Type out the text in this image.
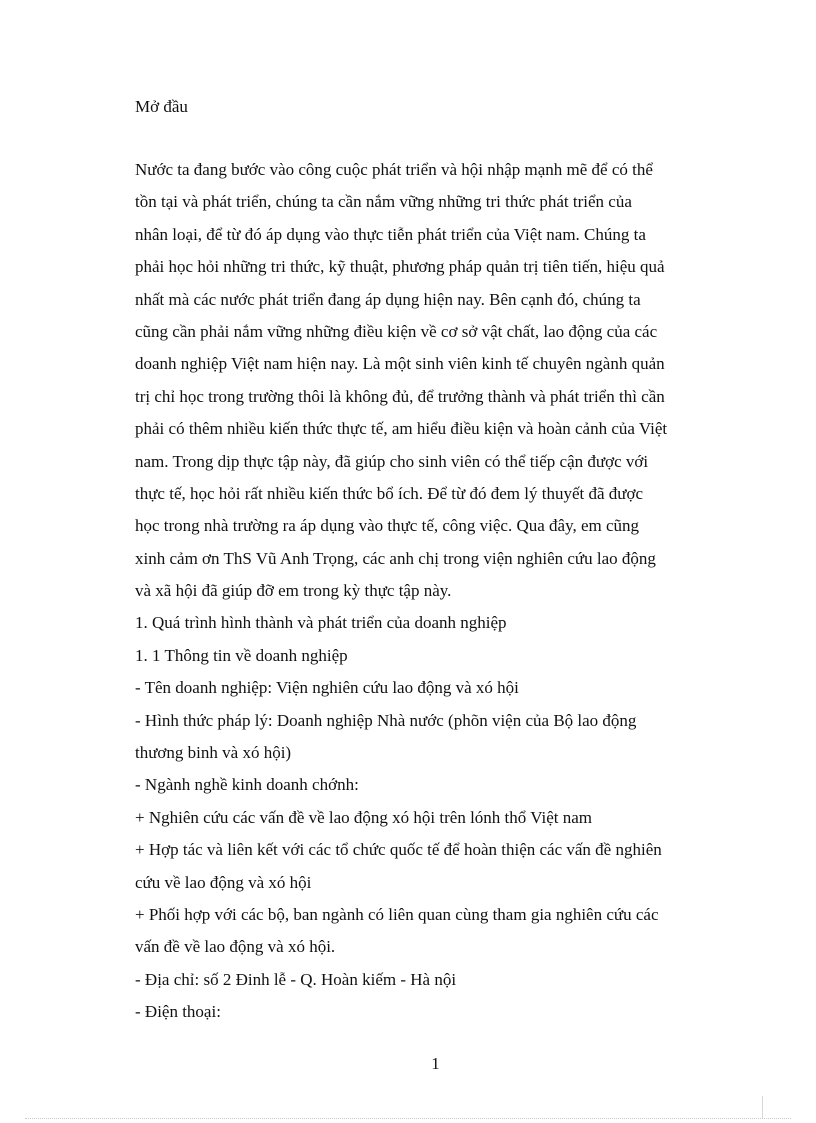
Mở đầu
Nước ta đang bước vào công cuộc phát triển và hội nhập mạnh mẽ để có thể
tồn tại và phát triển, chúng ta cần nắm vững những tri thức phát triển của
nhân loại, để từ đó áp dụng vào thực tiễn phát triển của Việt nam. Chúng ta
phải học hỏi những tri thức, kỹ thuật, phương pháp quản trị tiên tiến, hiệu quả
nhất mà các nước phát triển đang áp dụng hiện nay. Bên cạnh đó, chúng ta
cũng cần phải nắm vững những điều kiện về cơ sở vật chất, lao động của các
doanh nghiệp Việt nam hiện nay. Là một sinh viên kinh tế chuyên ngành quản
trị chỉ học trong trường thôi là không đủ, để trưởng thành và phát triển thì cần
phải có thêm nhiều kiến thức thực tế, am hiểu điều kiện và hoàn cảnh của Việt
nam. Trong dịp thực tập này, đã giúp cho sinh viên có thể tiếp cận được với
thực tế, học hỏi rất nhiều kiến thức bổ ích. Để từ đó đem lý thuyết đã được
học trong nhà trường ra áp dụng vào thực tế, công việc. Qua đây, em cũng
xinh cảm ơn ThS Vũ Anh Trọng, các anh chị trong viện nghiên cứu lao động
và xã hội đã giúp đỡ em trong kỳ thực tập này.
1. Quá trình hình thành và phát triển của doanh nghiệp
1. 1 Thông tin về doanh nghiệp
- Tên doanh nghiệp: Viện nghiên cứu lao động và xó hội
- Hình thức pháp lý: Doanh nghiệp Nhà nước (phõn viện của Bộ lao động
thương binh và xó hội)
- Ngành nghề kinh doanh chớnh:
+ Nghiên cứu các vấn đề về lao động xó hội trên lónh thổ Việt nam
+ Hợp tác và liên kết với các tổ chức quốc tế để hoàn thiện các vấn đề nghiên
cứu về lao động và xó hội
+ Phối hợp với các bộ, ban ngành có liên quan cùng tham gia nghiên cứu các
vấn đề về lao động và xó hội.
- Địa chỉ: số 2 Đinh lễ - Q. Hoàn kiếm - Hà nội
- Điện thoại:
1
